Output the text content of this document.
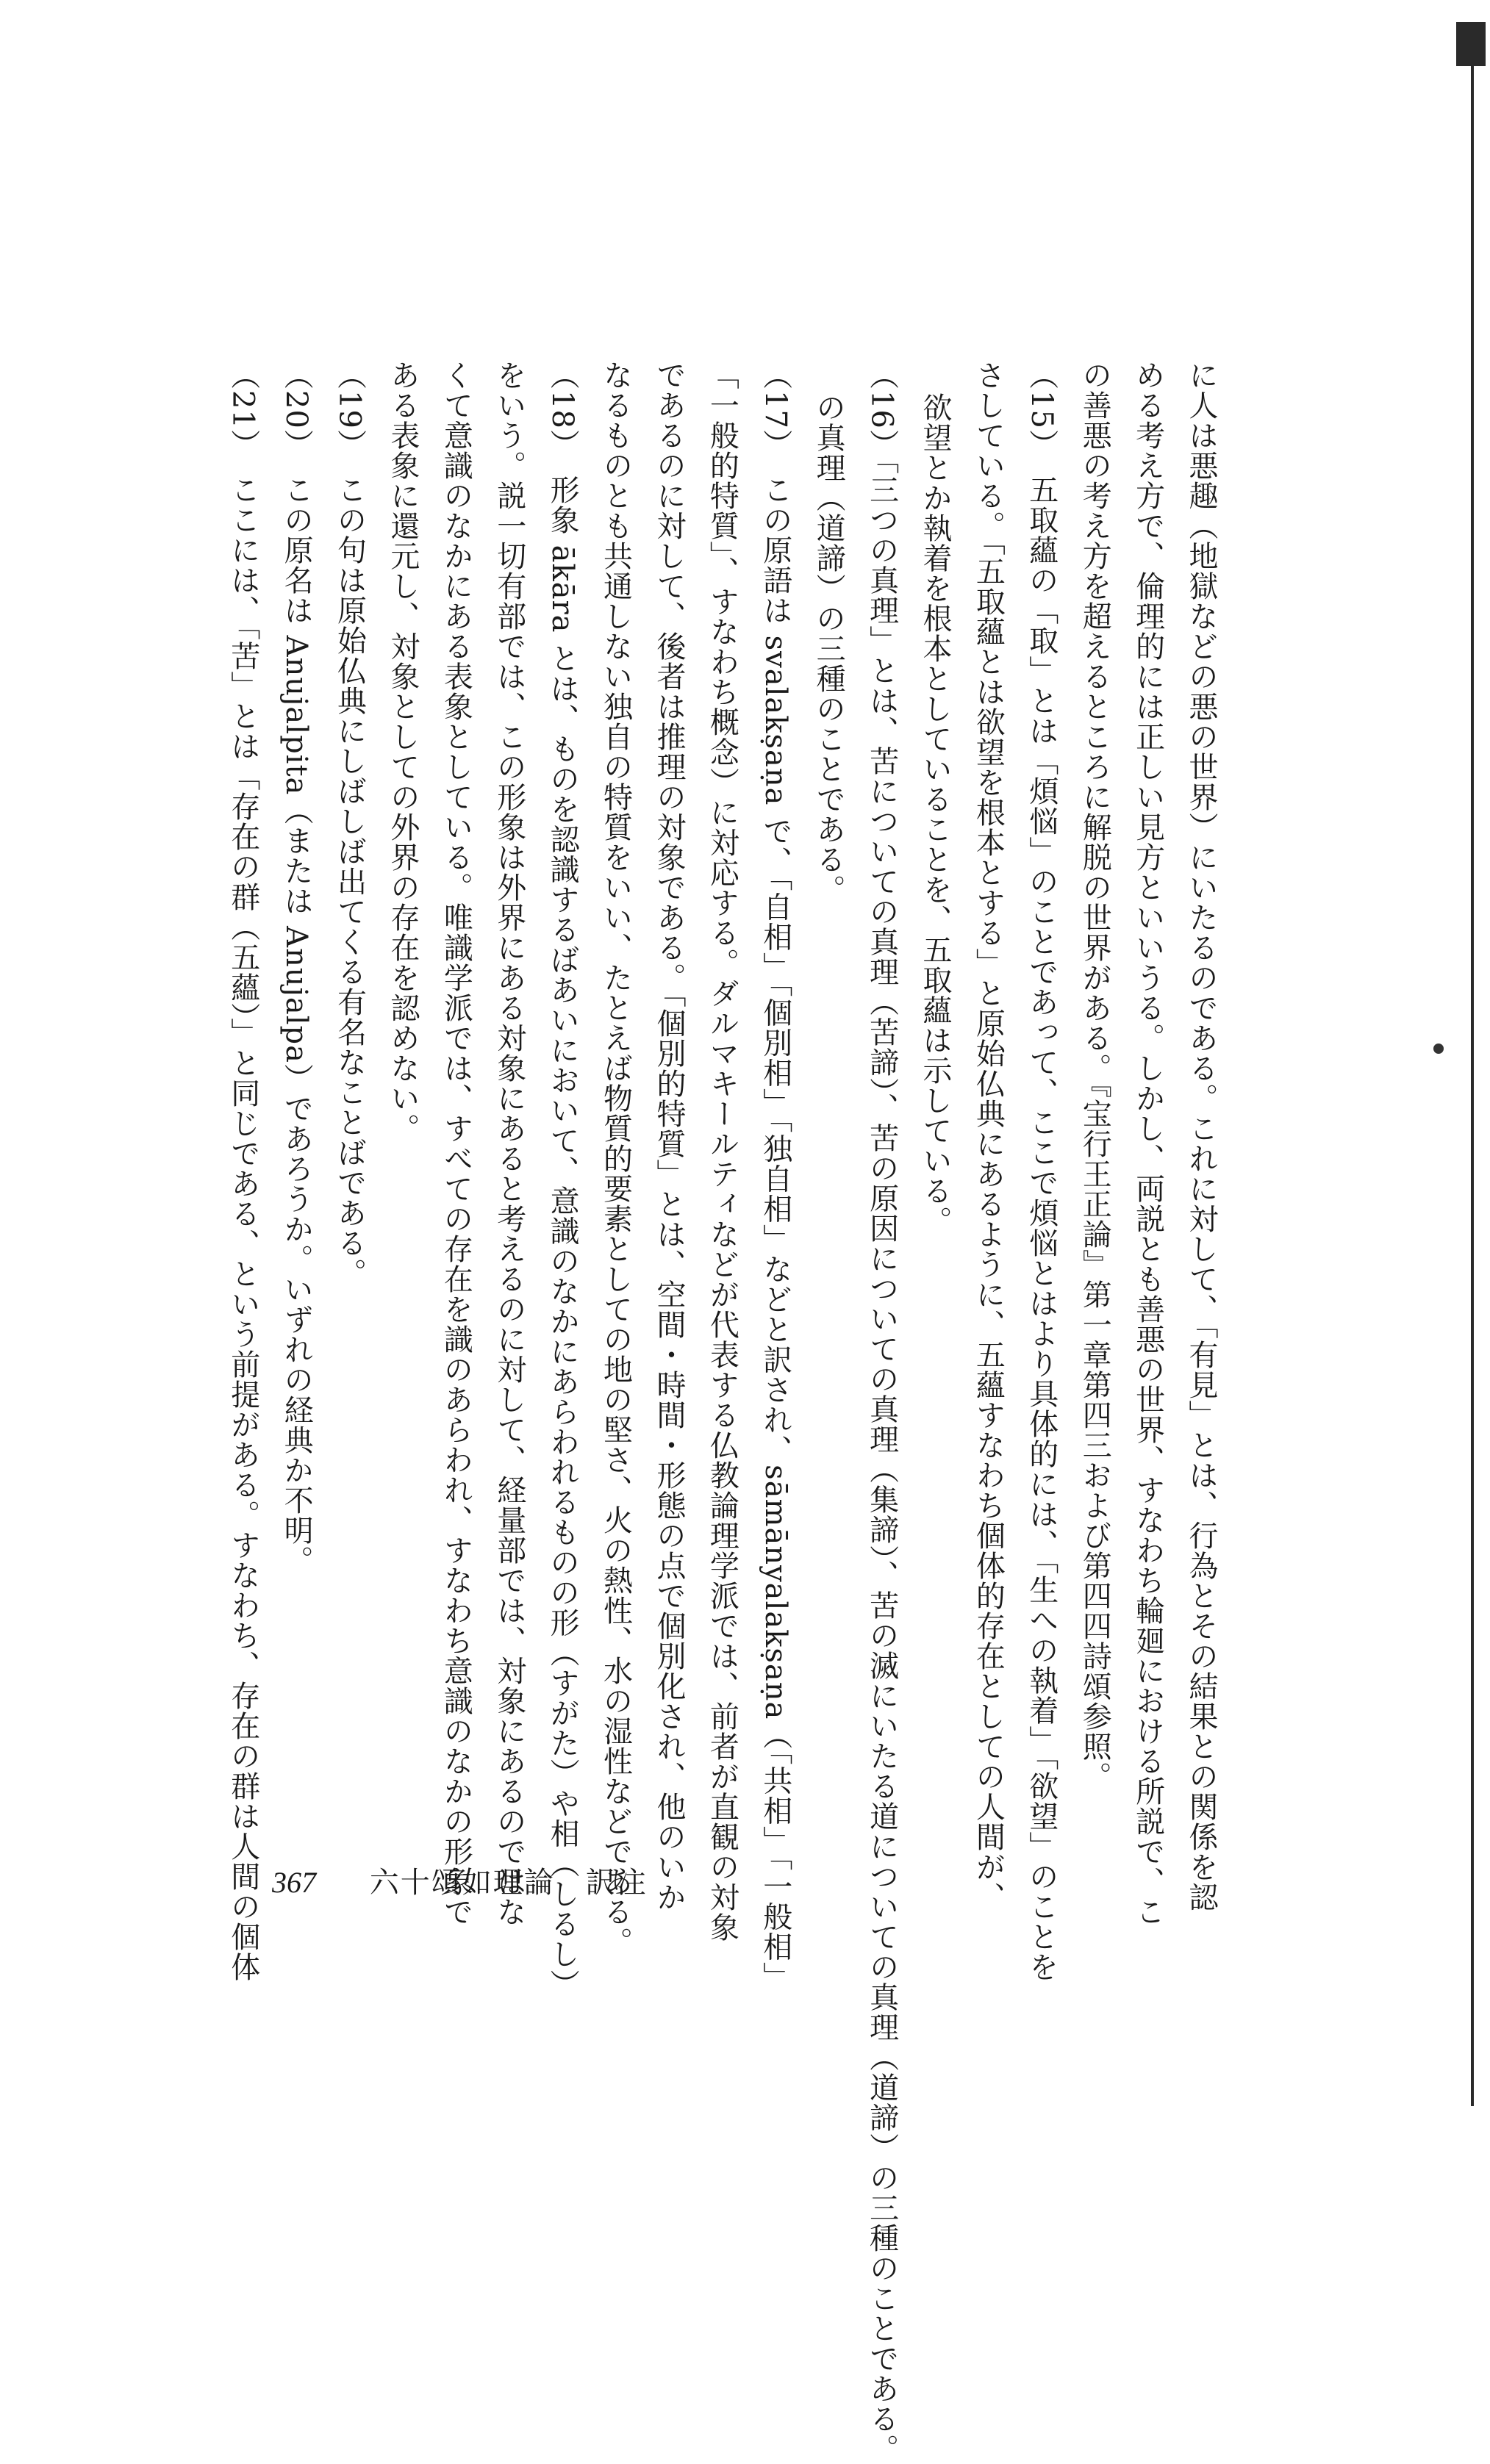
に人は悪趣（地獄などの悪の世界）にいたるのである。これに対して、「有見」とは、行為とその結果との関係を認
める考え方で、倫理的には正しい見方といいうる。しかし、両説とも善悪の世界、すなわち輪廻における所説で、こ
の善悪の考え方を超えるところに解脱の世界がある。『宝行王正論』第一章第四三および第四四詩頌参照。
（15）　五取蘊の「取」とは「煩悩」のことであって、ここで煩悩とはより具体的には、「生への執着」「欲望」のことを
さしている。「五取蘊とは欲望を根本とする」と原始仏典にあるように、五蘊すなわち個体的存在としての人間が、
欲望とか執着を根本としていることを、五取蘊は示している。
（16）「三つの真理」とは、苦についての真理（苦諦）、苦の原因についての真理（集諦）、苦の滅にいたる道についての真理（道諦）の三種のことである。
の真理（道諦）の三種のことである。
（17）　この原語は svalakṣaṇa で、「自相」「個別相」「独自相」などと訳され、sāmānyalakṣaṇa（「共相」「一般相」
「一般的特質」、すなわち概念）に対応する。ダルマキールティなどが代表する仏教論理学派では、前者が直観の対象
であるのに対して、後者は推理の対象である。「個別的特質」とは、空間・時間・形態の点で個別化され、他のいか
なるものとも共通しない独自の特質をいい、たとえば物質的要素としての地の堅さ、火の熱性、水の湿性などである。
（18）　形象 ākāra とは、ものを認識するばあいにおいて、意識のなかにあらわれるものの形（すがた）や相（しるし）
をいう。説一切有部では、この形象は外界にある対象にあると考えるのに対して、経量部では、対象にあるのではな
くて意識のなかにある表象としている。唯識学派では、すべての存在を識のあらわれ、すなわち意識のなかの形象で
ある表象に還元し、対象としての外界の存在を認めない。
（19）　この句は原始仏典にしばしば出てくる有名なことばである。
（20）　この原名は Anujalpita（または Anujalpa）であろうか。いずれの経典か不明。
（21）　ここには、「苦」とは「存在の群（五蘊）」と同じである、という前提がある。すなわち、存在の群は人間の個体 367 六十頌如理論　訳注
